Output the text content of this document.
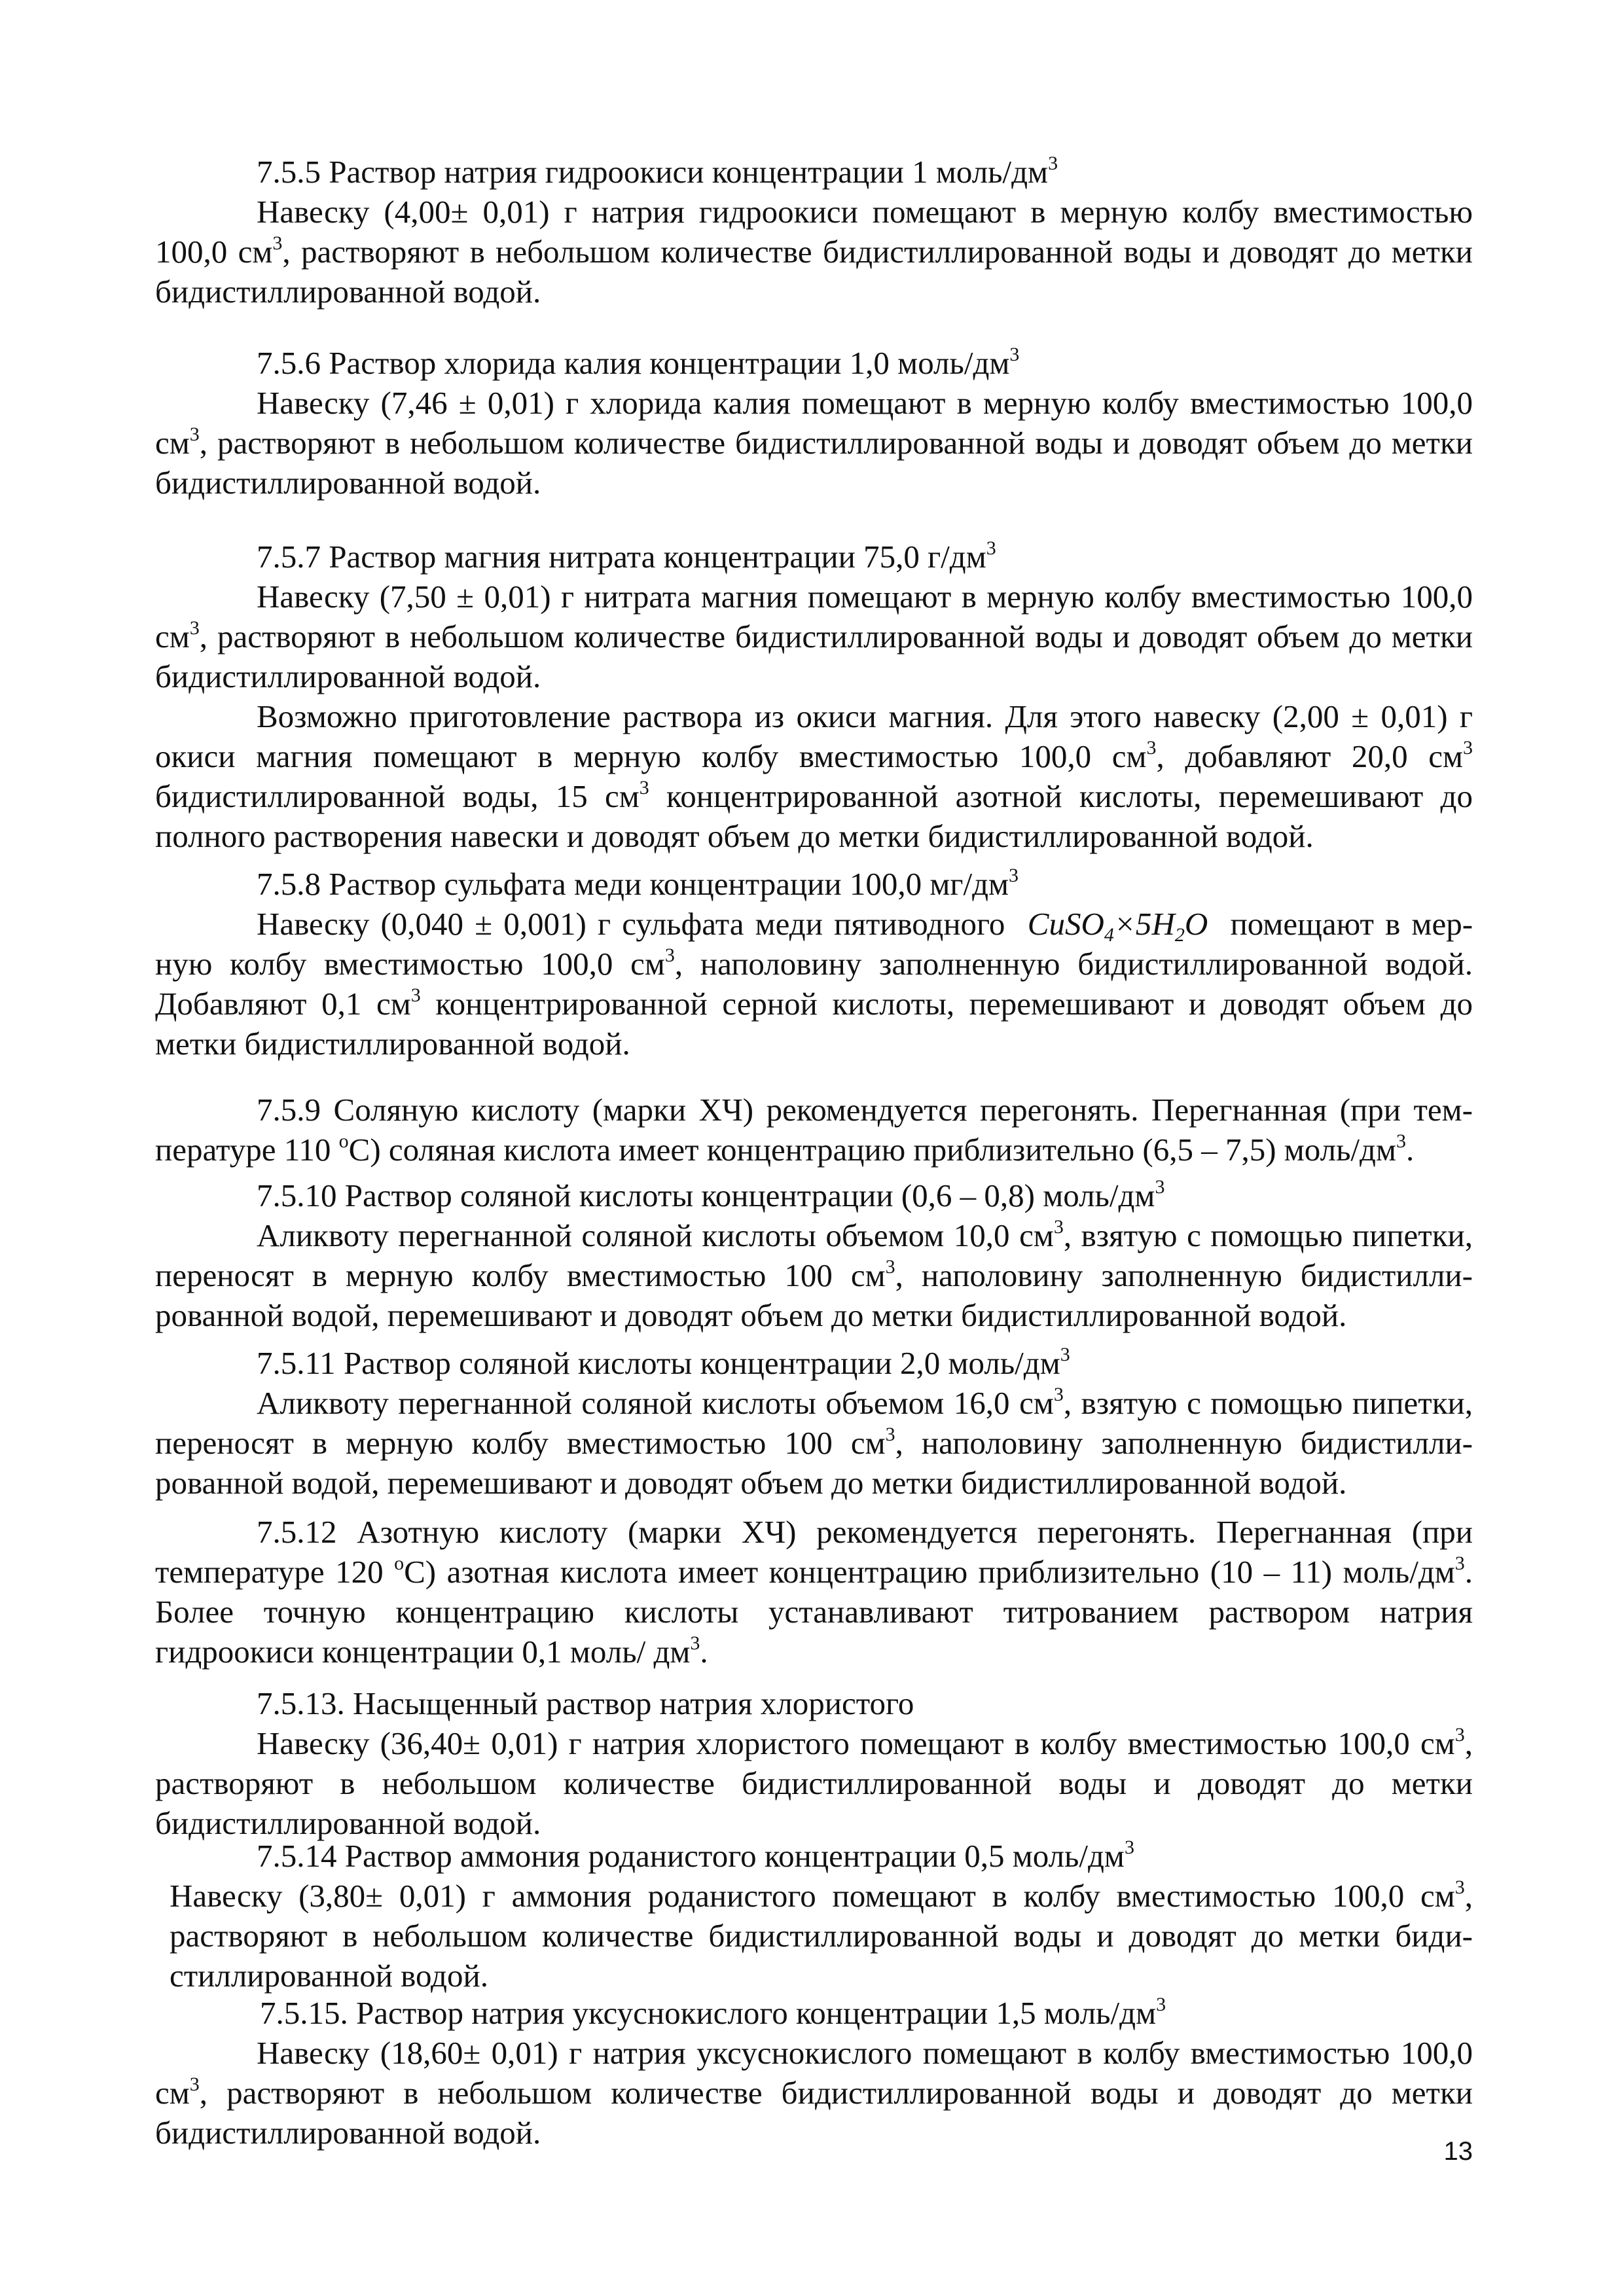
7.5.5 Раствор натрия гидроокиси концентрации 1 моль/$дм^3$

Навеску (4,00± 0,01) г натрия гидроокиси помещают в мерную колбу вместимостью 100,0 $см^3$, растворяют в небольшом количестве бидистиллированной воды и доводят до метки бидистиллированной водой.

7.5.6 Раствор хлорида калия концентрации 1,0 моль/$дм^3$

Навеску (7,46 ± 0,01) г хлорида калия помещают в мерную колбу вместимостью 100,0 $см^3$, растворяют в небольшом количестве бидистиллированной воды и доводят объем до метки бидистиллированной водой.

7.5.7 Раствор магния нитрата концентрации 75,0 $г/дм^3$

Навеску (7,50 ± 0,01) г нитрата магния помещают в мерную колбу вместимостью 100,0 $см^3$, растворяют в небольшом количестве бидистиллированной воды и доводят объем до метки бидистиллированной водой.

Возможно приготовление раствора из окиси магния. Для этого навеску (2,00 ± 0,01) г окиси магния помещают в мерную колбу вместимостью 100,0 $см^3$, добавляют 20,0 $см^3$ бидистиллированной воды, 15 $см^3$ концентрированной азотной кислоты, перемешивают до полного растворения навески и доводят объем до метки бидистиллированной водой.

7.5.8 Раствор сульфата меди концентрации 100,0 $мг/дм^3$

Навеску (0,040 ± 0,001) г сульфата меди пятиводного $CuSO_4\times 5H_2O$ помещают в мерную колбу вместимостью 100,0 $см^3$, наполовину заполненную бидистиллированной водой. Добавляют 0,1 $см^3$ концентрированной серной кислоты, перемешивают и доводят объем до метки бидистиллированной водой.

7.5.9 Соляную кислоту (марки ХЧ) рекомендуется перегонять. Перегнанная (при температуре 110 $^o$С) соляная кислота имеет концентрацию приблизительно (6,5 – 7,5) моль/$дм^3$.

7.5.10 Раствор соляной кислоты концентрации (0,6 – 0,8) моль/$дм^3$

Аликвоту перегнанной соляной кислоты объемом 10,0 $см^3$, взятую с помощью пипетки, переносят в мерную колбу вместимостью 100 $см^3$, наполовину заполненную бидистиллированной водой, перемешивают и доводят объем до метки бидистиллированной водой.

7.5.11 Раствор соляной кислоты концентрации 2,0 моль/$дм^3$

Аликвоту перегнанной соляной кислоты объемом 16,0 $см^3$, взятую с помощью пипетки, переносят в мерную колбу вместимостью 100 $см^3$, наполовину заполненную бидистиллированной водой, перемешивают и доводят объем до метки бидистиллированной водой.

7.5.12 Азотную кислоту (марки ХЧ) рекомендуется перегонять. Перегнанная (при температуре 120 $^o$С) азотная кислота имеет концентрацию приблизительно (10 – 11) моль/$дм^3$. Более точную концентрацию кислоты устанавливают титрованием раствором натрия гидроокиси концентрации 0,1 моль/ $дм^3$.

7.5.13. Насыщенный раствор натрия хлористого

Навеску (36,40± 0,01) г натрия хлористого помещают в колбу вместимостью 100,0 $см^3$, растворяют в небольшом количестве бидистиллированной воды и доводят до метки бидистиллированной водой.

7.5.14 Раствор аммония роданистого концентрации 0,5 моль/$дм^3$

Навеску (3,80± 0,01) г аммония роданистого помещают в колбу вместимостью 100,0 $см^3$, растворяют в небольшом количестве бидистиллированной воды и доводят до метки бидистиллированной водой.

7.5.15. Раствор натрия уксуснокислого концентрации 1,5 моль/$дм^3$

Навеску (18,60± 0,01) г натрия уксуснокислого помещают в колбу вместимостью 100,0 $см^3$, растворяют в небольшом количестве бидистиллированной воды и доводят до метки бидистиллированной водой.

13
